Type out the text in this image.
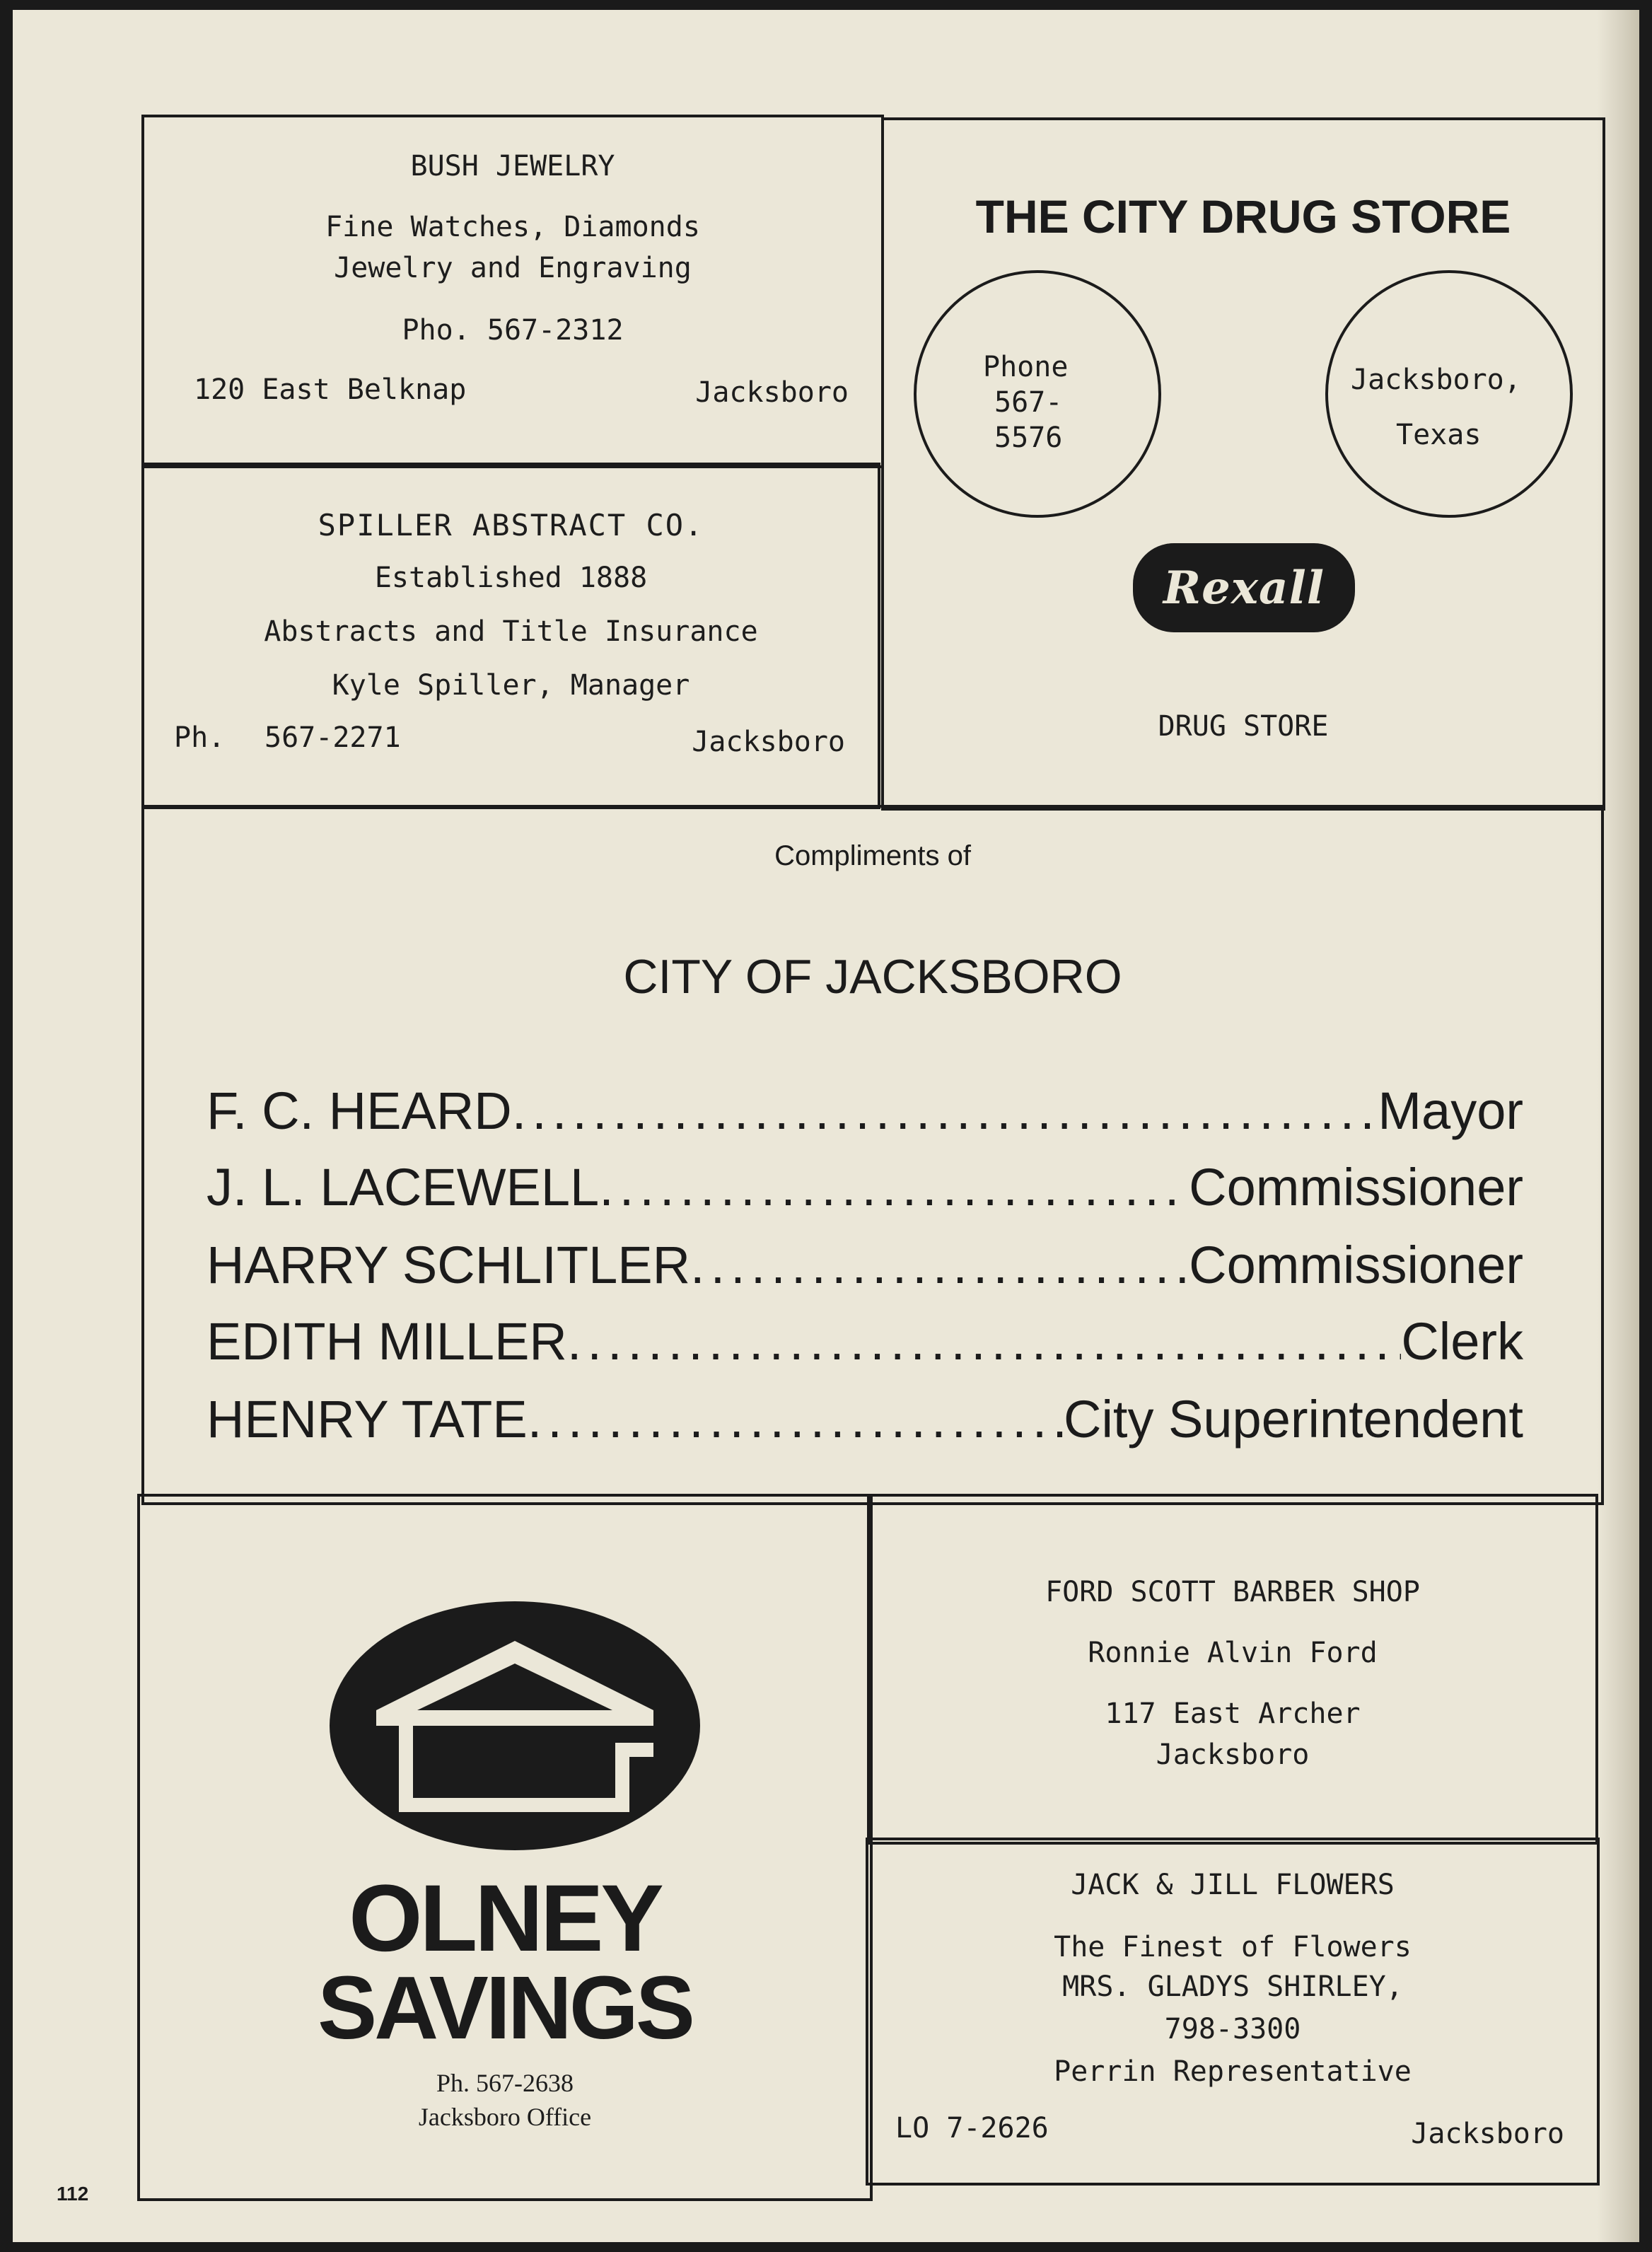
BUSH JEWELRY
Fine Watches, Diamonds
Jewelry and Engraving
Pho. 567-2312
120 East Belknap	Jacksboro
SPILLER ABSTRACT CO.
Established 1888
Abstracts and Title Insurance
Kyle Spiller, Manager
Ph. 567-2271	Jacksboro
THE CITY DRUG STORE
Phone
567-
5576
Jacksboro,
Texas
Rexall
DRUG STORE
Compliments of
CITY OF JACKSBORO
F. C. HEARD .....	Mayor
J. L. LACEWELL .....	Commissioner
HARRY SCHLITLER .....	Commissioner
EDITH MILLER .....	Clerk
HENRY TATE .....	City Superintendent
OLNEY
SAVINGS
Ph. 567-2638
Jacksboro Office
FORD SCOTT BARBER SHOP
Ronnie Alvin Ford
117 East Archer
Jacksboro
JACK & JILL FLOWERS
The Finest of Flowers
MRS. GLADYS SHIRLEY,
798-3300
Perrin Representative
LO 7-2626	Jacksboro
112
